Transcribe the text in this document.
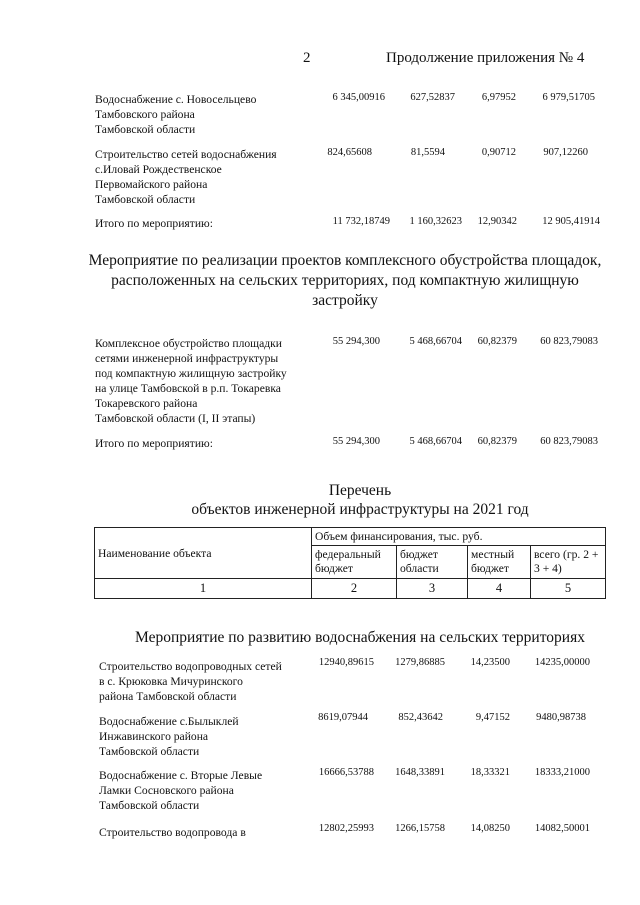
2	Продолжение приложения № 4
Водоснабжение с. Новосельцево
Тамбовского района
Тамбовской области
6 345,00916	627,52837	6,97952	6 979,51705
Строительство сетей водоснабжения
с.Иловай Рождественское
Первомайского района
Тамбовской области
824,65608	81,5594	0,90712	907,12260
Итого по мероприятию:	11 732,18749	1 160,32623	12,90342	12 905,41914
Мероприятие по реализации проектов комплексного обустройства площадок,
расположенных на сельских территориях, под компактную жилищную
застройку
Комплексное обустройство площадки
сетями инженерной инфраструктуры
под компактную жилищную застройку
на улице Тамбовской в р.п. Токаревка
Токаревского района
Тамбовской области (I, II этапы)
55 294,300	5 468,66704	60,82379	60 823,79083
Итого по мероприятию:	55 294,300	5 468,66704	60,82379	60 823,79083
Перечень
объектов инженерной инфраструктуры на 2021 год
Наименование объекта	Объем финансирования, тыс. руб.			
	федеральный бюджет	бюджет области	местный бюджет	всего (гр. 2 + 3 + 4)
1	2	3	4	5
Мероприятие по развитию водоснабжения на сельских территориях
Строительство водопроводных сетей
в с. Крюковка Мичуринского
района Тамбовской области
12940,89615	1279,86885	14,23500	14235,00000
Водоснабжение с.Былыклей
Инжавинского района
Тамбовской области
8619,07944	852,43642	9,47152	9480,98738
Водоснабжение с. Вторые Левые
Ламки Сосновского района
Тамбовской области
16666,53788	1648,33891	18,33321	18333,21000
Строительство водопровода в	12802,25993	1266,15758	14,08250	14082,50001
